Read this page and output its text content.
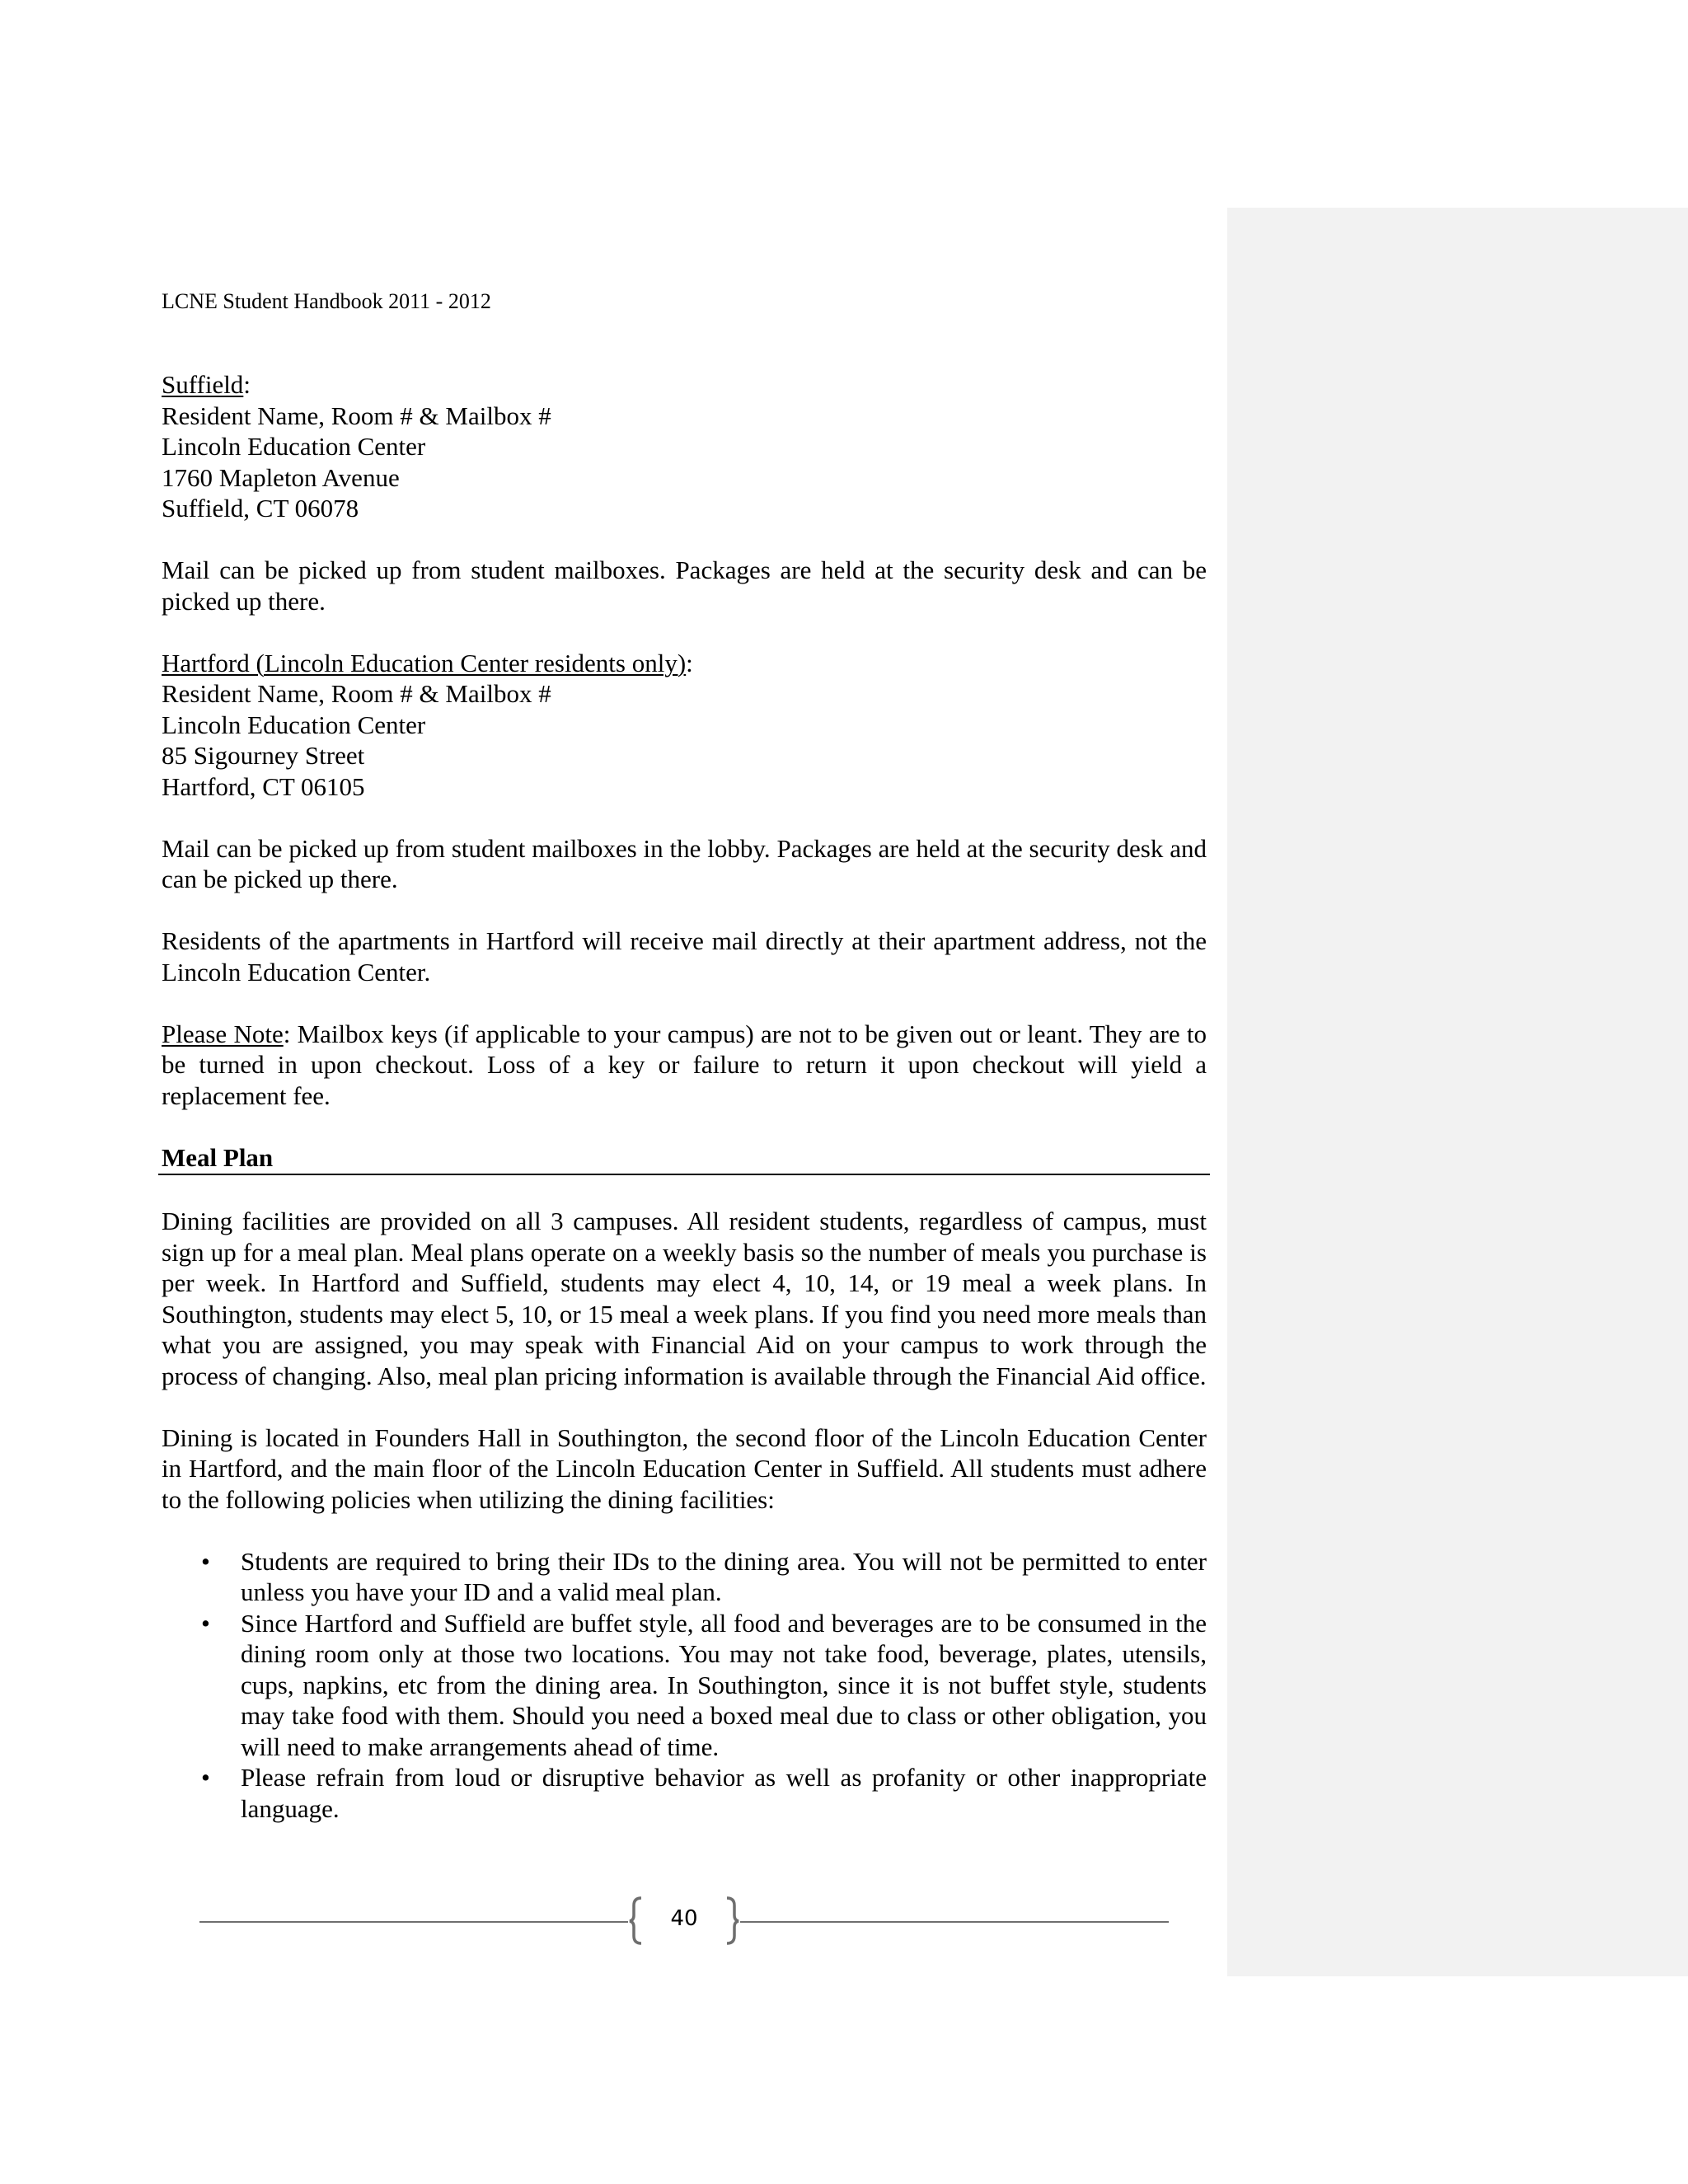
LCNE Student Handbook 2011 - 2012

Suffield:

Resident Name, Room # & Mailbox #

Lincoln Education Center

1760 Mapleton Avenue

Suffield, CT 06078

Mail can be picked up from student mailboxes. Packages are held at the security desk and can be picked up there.

Hartford (Lincoln Education Center residents only):

Resident Name, Room # & Mailbox #

Lincoln Education Center

85 Sigourney Street

Hartford, CT 06105

Mail can be picked up from student mailboxes in the lobby. Packages are held at the security desk and can be picked up there.

Residents of the apartments in Hartford will receive mail directly at their apartment address, not the Lincoln Education Center.

Please Note: Mailbox keys (if applicable to your campus) are not to be given out or leant. They are to be turned in upon checkout. Loss of a key or failure to return it upon checkout will yield a replacement fee.

Meal Plan

Dining facilities are provided on all 3 campuses. All resident students, regardless of campus, must sign up for a meal plan. Meal plans operate on a weekly basis so the number of meals you purchase is per week. In Hartford and Suffield, students may elect 4, 10, 14, or 19 meal a week plans. In Southington, students may elect 5, 10, or 15 meal a week plans. If you find you need more meals than what you are assigned, you may speak with Financial Aid on your campus to work through the process of changing. Also, meal plan pricing information is available through the Financial Aid office.

Dining is located in Founders Hall in Southington, the second floor of the Lincoln Education Center in Hartford, and the main floor of the Lincoln Education Center in Suffield. All students must adhere to the following policies when utilizing the dining facilities:

• Students are required to bring their IDs to the dining area. You will not be permitted to enter unless you have your ID and a valid meal plan.
• Since Hartford and Suffield are buffet style, all food and beverages are to be consumed in the dining room only at those two locations. You may not take food, beverage, plates, utensils, cups, napkins, etc from the dining area. In Southington, since it is not buffet style, students may take food with them. Should you need a boxed meal due to class or other obligation, you will need to make arrangements ahead of time.
• Please refrain from loud or disruptive behavior as well as profanity or other inappropriate language.
40
